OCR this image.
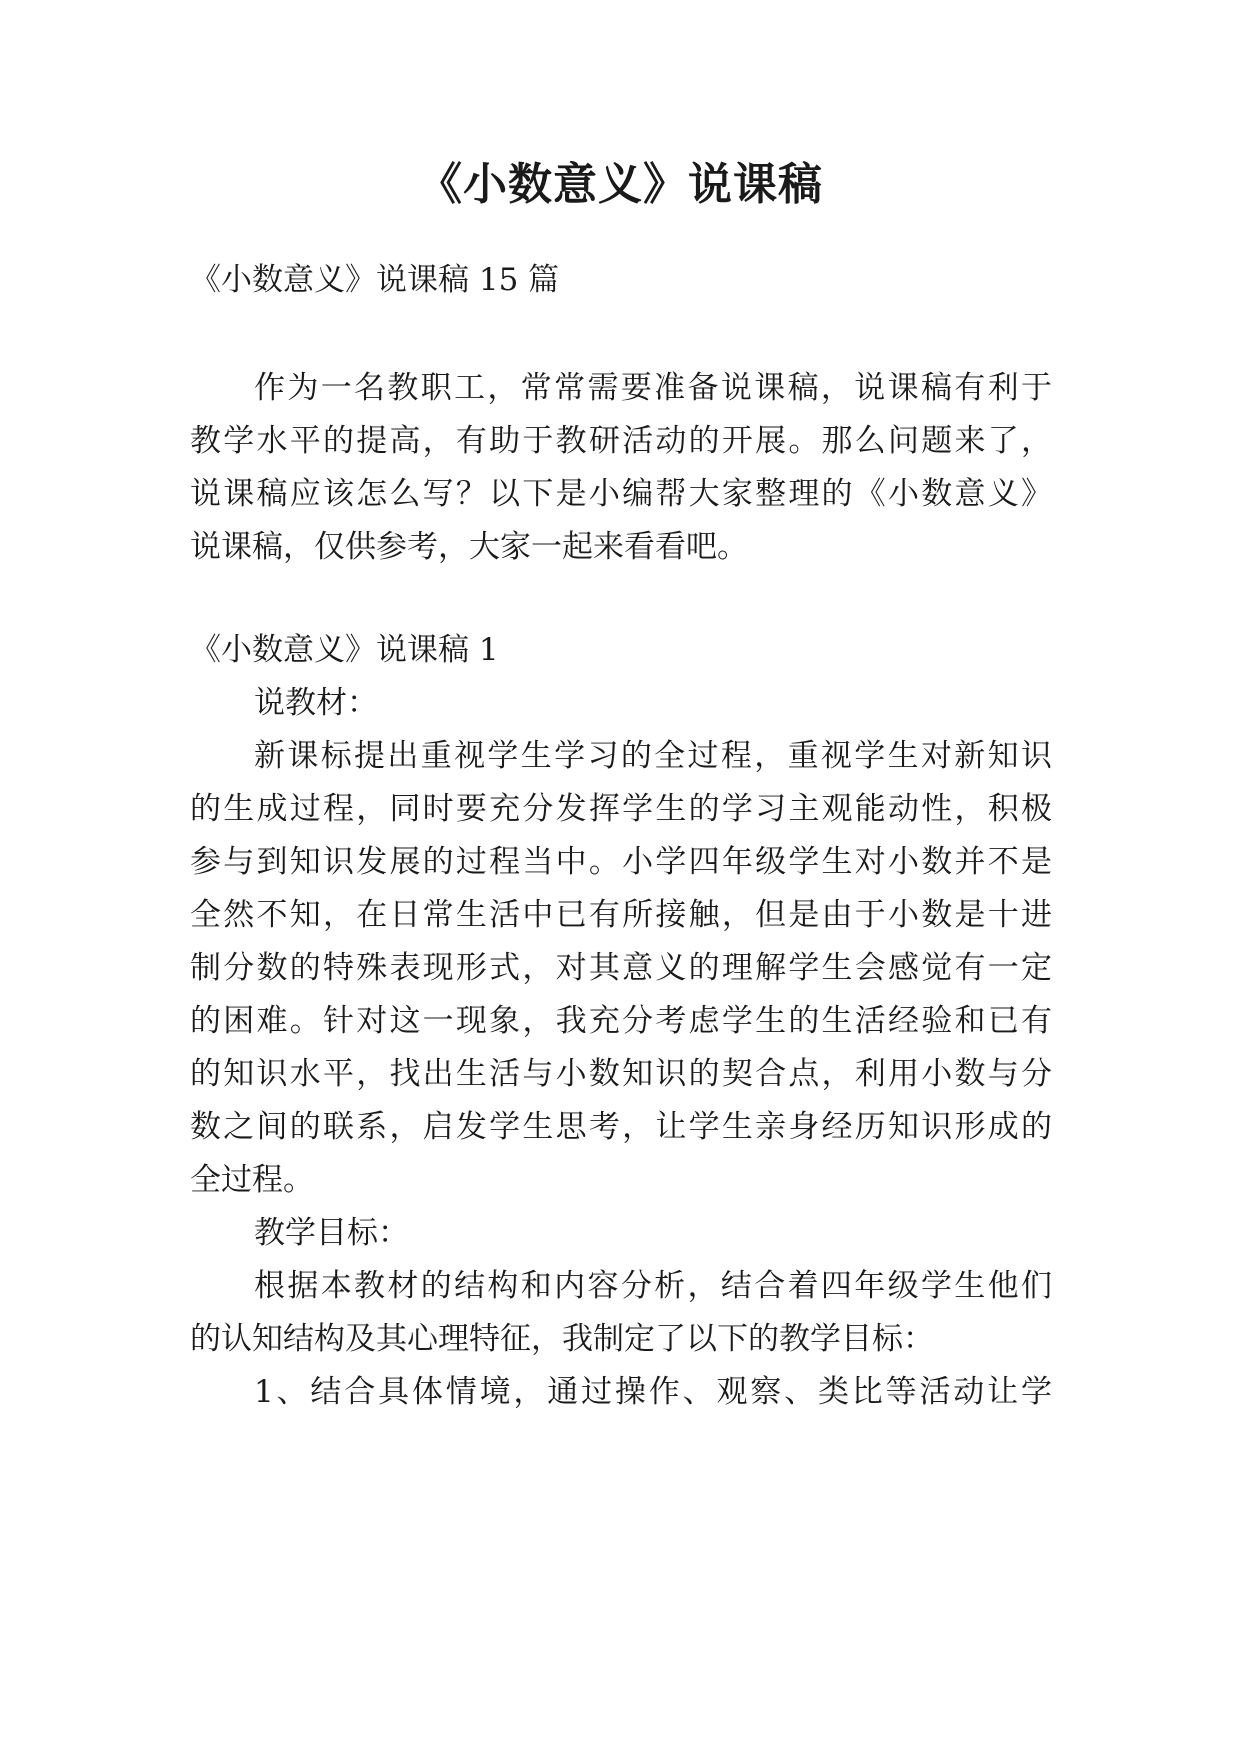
《小数意义》说课稿

《小数意义》说课稿 15 篇

作为一名教职工，常常需要准备说课稿，说课稿有利于

教学水平的提高，有助于教研活动的开展。那么问题来了，

说课稿应该怎么写？以下是小编帮大家整理的《小数意义》

说课稿，仅供参考，大家一起来看看吧。

《小数意义》说课稿 1

说教材：

新课标提出重视学生学习的全过程，重视学生对新知识

的生成过程，同时要充分发挥学生的学习主观能动性，积极

参与到知识发展的过程当中。小学四年级学生对小数并不是

全然不知，在日常生活中已有所接触，但是由于小数是十进

制分数的特殊表现形式，对其意义的理解学生会感觉有一定

的困难。针对这一现象，我充分考虑学生的生活经验和已有

的知识水平，找出生活与小数知识的契合点，利用小数与分

数之间的联系，启发学生思考，让学生亲身经历知识形成的

全过程。

教学目标：

根据本教材的结构和内容分析，结合着四年级学生他们

的认知结构及其心理特征，我制定了以下的教学目标：

1、结合具体情境，通过操作、观察、类比等活动让学
